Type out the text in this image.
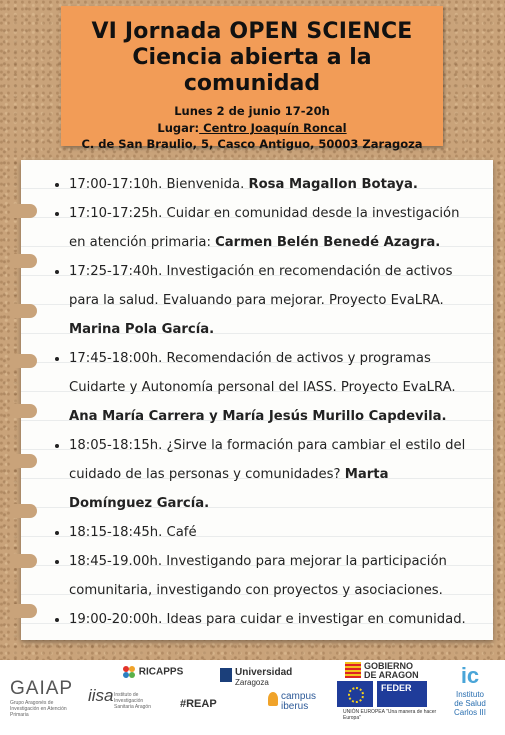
VI Jornada OPEN SCIENCE
Ciencia abierta a la comunidad
Lunes 2 de junio 17-20h
Lugar: Centro Joaquín Roncal
C. de San Braulio, 5, Casco Antiguo, 50003 Zaragoza
• 17:00-17:10h. Bienvenida. Rosa Magallon Botaya.
• 17:10-17:25h. Cuidar en comunidad desde la investigación en atención primaria: Carmen Belén Benedé Azagra.
• 17:25-17:40h. Investigación en recomendación de activos para la salud. Evaluando para mejorar. Proyecto EvaLRA. Marina Pola García.
• 17:45-18:00h. Recomendación de activos y programas Cuidarte y Autonomía personal del IASS. Proyecto EvaLRA. Ana María Carrera y María Jesús Murillo Capdevila.
• 18:05-18:15h. ¿Sirve la formación para cambiar el estilo del cuidado de las personas y comunidades? Marta Domínguez García.
• 18:15-18:45h. Café
• 18:45-19.00h. Investigando para mejorar la participación comunitaria, investigando con proyectos y asociaciones.
• 19:00-20:00h. Ideas para cuidar e investigar en comunidad.
GAIAP
Grupo Aragonés de Investigación en Atención Primaria
iisa Instituto de Investigación Sanitaria Aragón
RICAPPS	Universidad
Zaragoza
#REAP
campus
iberus
GOBIERNO
DE ARAGON
FEDER
UNIÓN EUROPEA "Una manera de hacer Europa"
ic
Instituto
de Salud
Carlos III
